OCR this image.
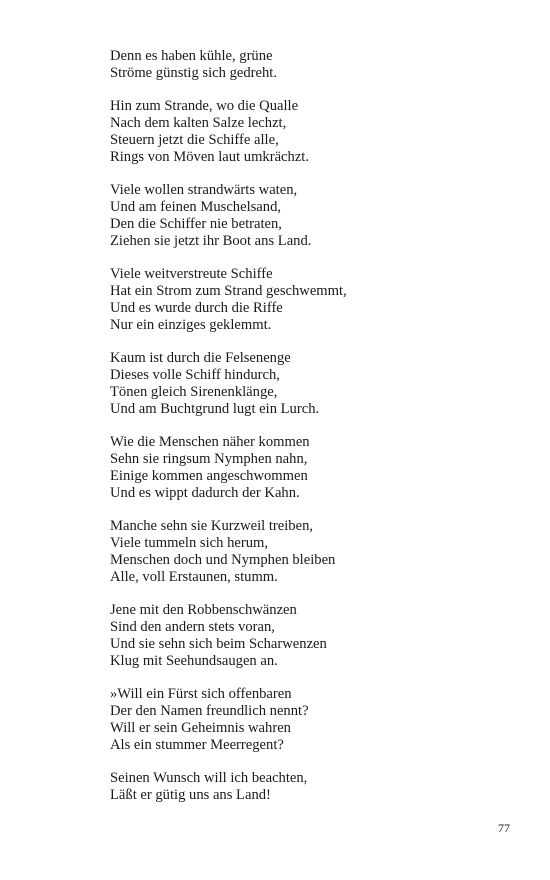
Denn es haben kühle, grüne
Ströme günstig sich gedreht.
Hin zum Strande, wo die Qualle
Nach dem kalten Salze lechzt,
Steuern jetzt die Schiffe alle,
Rings von Möven laut umkrächzt.
Viele wollen strandwärts waten,
Und am feinen Muschelsand,
Den die Schiffer nie betraten,
Ziehen sie jetzt ihr Boot ans Land.
Viele weitverstreute Schiffe
Hat ein Strom zum Strand geschwemmt,
Und es wurde durch die Riffe
Nur ein einziges geklemmt.
Kaum ist durch die Felsenenge
Dieses volle Schiff hindurch,
Tönen gleich Sirenenklänge,
Und am Buchtgrund lugt ein Lurch.
Wie die Menschen näher kommen
Sehn sie ringsum Nymphen nahn,
Einige kommen angeschwommen
Und es wippt dadurch der Kahn.
Manche sehn sie Kurzweil treiben,
Viele tummeln sich herum,
Menschen doch und Nymphen bleiben
Alle, voll Erstaunen, stumm.
Jene mit den Robbenschwänzen
Sind den andern stets voran,
Und sie sehn sich beim Scharwenzen
Klug mit Seehundsaugen an.
»Will ein Fürst sich offenbaren
Der den Namen freundlich nennt?
Will er sein Geheimnis wahren
Als ein stummer Meerregent?
Seinen Wunsch will ich beachten,
Läßt er gütig uns ans Land!
77
